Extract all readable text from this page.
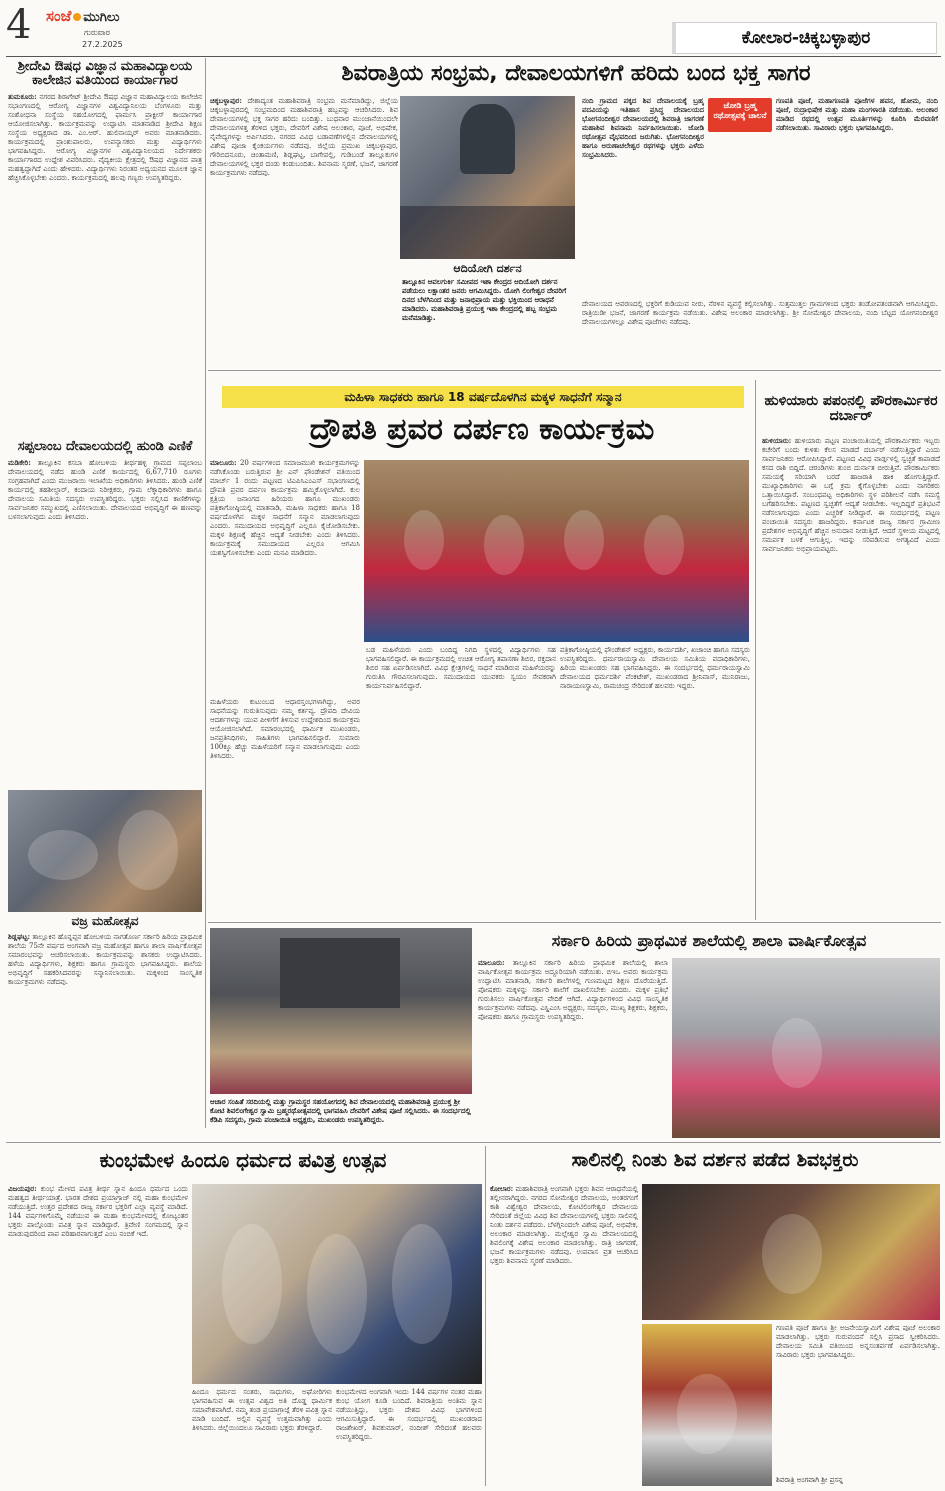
4 ಸಂಜೆ ಮುಗಿಲು
ಗುರುವಾರ
27.2.2025	ಕೋಲಾರ-ಚಿಕ್ಕಬಳ್ಳಾಪುರ
ಶ್ರೀದೇವಿ ಔಷಧ ವಿಜ್ಞಾನ ಮಹಾವಿದ್ಯಾಲಯ ಕಾಲೇಜಿನ ವತಿಯಿಂದ ಕಾರ್ಯಾಗಾರ
ತುಮಕೂರು: ನಗರದ ಶಿರಾಗೇಟ್ ಶ್ರೀದೇವಿ ಔಷಧ ವಿಜ್ಞಾನ ಮಹಾವಿದ್ಯಾಲಯ ಕಾಲೇಜಿನ ಸಭಾಂಗಣದಲ್ಲಿ ಆರೋಗ್ಯ ವಿಜ್ಞಾನಗಳ ವಿಶ್ವವಿದ್ಯಾನಿಲಯ ಬೆಂಗಳೂರು ಮತ್ತು ಸಂಶೋಧನಾ ಸಂಸ್ಥೆಯ ಸಹಯೋಗದಲ್ಲಿ ಫಾರ್ಮಸಿ ಪ್ರಾಕ್ಟೀಸ್ ಕಾರ್ಯಾಗಾರ ಆಯೋಜಿಸಲಾಗಿತ್ತು. ಕಾರ್ಯಕ್ರಮವನ್ನು ಉದ್ಘಾಟಿಸಿ ಮಾತನಾಡಿದ ಶ್ರೀದೇವಿ ಶಿಕ್ಷಣ ಸಂಸ್ಥೆಯ ಅಧ್ಯಕ್ಷರಾದ ಡಾ. ಎಂ.ಆರ್. ಹುಲಿನಾಯ್ಕರ್ ಅವರು ಮಾತನಾಡಿದರು. ಕಾರ್ಯಕ್ರಮದಲ್ಲಿ ಪ್ರಾಂಶುಪಾಲರು, ಉಪನ್ಯಾಸಕರು ಮತ್ತು ವಿದ್ಯಾರ್ಥಿಗಳು ಭಾಗವಹಿಸಿದ್ದರು. ಆರೋಗ್ಯ ವಿಜ್ಞಾನಗಳ ವಿಶ್ವವಿದ್ಯಾನಿಲಯದ ನಿರ್ದೇಶಕರು ಕಾರ್ಯಾಗಾರದ ಉದ್ದೇಶ ವಿವರಿಸಿದರು. ವೈದ್ಯಕೀಯ ಕ್ಷೇತ್ರದಲ್ಲಿ ಔಷಧ ವಿಜ್ಞಾನದ ಪಾತ್ರ ಮಹತ್ವದ್ದಾಗಿದೆ ಎಂದು ಹೇಳಿದರು. ವಿದ್ಯಾರ್ಥಿಗಳು ನಿರಂತರ ಅಧ್ಯಯನದ ಮೂಲಕ ಜ್ಞಾನ ಹೆಚ್ಚಿಸಿಕೊಳ್ಳಬೇಕು ಎಂದರು. ಕಾರ್ಯಕ್ರಮದಲ್ಲಿ ಹಲವು ಗಣ್ಯರು ಉಪಸ್ಥಿತರಿದ್ದರು.
ಸಪ್ಪಲಾಂಬ ದೇವಾಲಯದಲ್ಲಿ ಹುಂಡಿ ಎಣಿಕೆ
ಮಡಿಕೇರಿ: ತಾಲ್ಲೂಕಿನ ಕಸಬಾ ಹೋಬಳಿಯ ತೀರ್ಥಹಳ್ಳಿ ಗ್ರಾಮದ ಸಪ್ಪಲಾಂಬ ದೇವಾಲಯದಲ್ಲಿ ನಡೆದ ಹುಂಡಿ ಎಣಿಕೆ ಕಾರ್ಯದಲ್ಲಿ 6,67,710 ರೂಗಳು ಸಂಗ್ರಹವಾಗಿದೆ ಎಂದು ಮುಜರಾಯಿ ಇಲಾಖೆಯ ಅಧಿಕಾರಿಗಳು ತಿಳಿಸಿದರು. ಹುಂಡಿ ಎಣಿಕೆ ಕಾರ್ಯದಲ್ಲಿ ತಹಶೀಲ್ದಾರ್, ಕಂದಾಯ ನಿರೀಕ್ಷಕರು, ಗ್ರಾಮ ಲೆಕ್ಕಾಧಿಕಾರಿಗಳು ಹಾಗೂ ದೇವಾಲಯ ಸಮಿತಿಯ ಸದಸ್ಯರು ಉಪಸ್ಥಿತರಿದ್ದರು. ಭಕ್ತರು ಸಲ್ಲಿಸಿದ ಕಾಣಿಕೆಗಳನ್ನು ಸಾರ್ವಜನಿಕರ ಸಮ್ಮುಖದಲ್ಲಿ ಎಣಿಸಲಾಯಿತು. ದೇವಾಲಯದ ಅಭಿವೃದ್ಧಿಗೆ ಈ ಹಣವನ್ನು ಬಳಸಲಾಗುವುದು ಎಂದು ತಿಳಿಸಿದರು.
ವಜ್ರ ಮಹೋತ್ಸವ
ಶಿಡ್ಲಘಟ್ಟ: ತಾಲ್ಲೂಕಿನ ಹೊನ್ನಪ್ಪನ ಹೋಬಳಿಯ ನಾಗತೊರ್ಣ ಸರ್ಕಾರಿ ಹಿರಿಯ ಪ್ರಾಥಮಿಕ ಶಾಲೆಯ 75ನೇ ವರ್ಷದ ಅಂಗವಾಗಿ ವಜ್ರ ಮಹೋತ್ಸವ ಹಾಗೂ ಶಾಲಾ ವಾರ್ಷಿಕೋತ್ಸವ ಸಮಾರಂಭವನ್ನು ಆಚರಿಸಲಾಯಿತು. ಕಾರ್ಯಕ್ರಮವನ್ನು ಶಾಸಕರು ಉದ್ಘಾಟಿಸಿದರು. ಹಳೆಯ ವಿದ್ಯಾರ್ಥಿಗಳು, ಶಿಕ್ಷಕರು ಹಾಗೂ ಗ್ರಾಮಸ್ಥರು ಭಾಗವಹಿಸಿದ್ದರು. ಶಾಲೆಯ ಅಭಿವೃದ್ಧಿಗೆ ಸಹಕರಿಸಿದವರನ್ನು ಸನ್ಮಾನಿಸಲಾಯಿತು. ಮಕ್ಕಳಿಂದ ಸಾಂಸ್ಕೃತಿಕ ಕಾರ್ಯಕ್ರಮಗಳು ನಡೆದವು.
ಶಿವರಾತ್ರಿಯ ಸಂಭ್ರಮ, ದೇವಾಲಯಗಳಿಗೆ ಹರಿದು ಬಂದ ಭಕ್ತ ಸಾಗರ
ಚಿಕ್ಕಬಳ್ಳಾಪುರ: ದೇಶಾದ್ಯಂತ ಮಹಾಶಿವರಾತ್ರಿ ಸಂಭ್ರಮ ಮನೆಮಾಡಿದ್ದು, ಜಿಲ್ಲೆಯ ಚಿಕ್ಕಬಳ್ಳಾಪುರದಲ್ಲಿ ಸಂಭ್ರಮದಿಂದ ಮಹಾಶಿವರಾತ್ರಿ ಹಬ್ಬವನ್ನು ಆಚರಿಸಿದರು. ಶಿವ ದೇವಾಲಯಗಳಲ್ಲಿ ಭಕ್ತ ಸಾಗರ ಹರಿದು ಬಂದಿತ್ತು. ಬುಧವಾರ ಮುಂಜಾನೆಯಿಂದಲೇ ದೇವಾಲಯಗಳತ್ತ ತೆರಳಿದ ಭಕ್ತರು, ದೇವರಿಗೆ ವಿಶೇಷ ಅಲಂಕಾರ, ಪೂಜೆ, ಅಭಿಷೇಕ, ನೈವೇದ್ಯಗಳನ್ನು ಅರ್ಪಿಸಿದರು. ನಗರದ ವಿವಿಧ ಬಡಾವಣೆಗಳಲ್ಲಿನ ದೇವಾಲಯಗಳಲ್ಲಿ ವಿಶೇಷ ಪೂಜಾ ಕೈಂಕರ್ಯಗಳು ನಡೆದವು. ಜಿಲ್ಲೆಯ ಪ್ರಮುಖ ಚಿಕ್ಕಬಳ್ಳಾಪುರ, ಗೌರಿಬಿದನೂರು, ಚಿಂತಾಮಣಿ, ಶಿಡ್ಲಘಟ್ಟ, ಬಾಗೇಪಲ್ಲಿ, ಗುಡಿಬಂಡೆ ತಾಲ್ಲೂಕುಗಳ ದೇವಾಲಯಗಳಲ್ಲಿ ಭಕ್ತರ ದಂಡು ಕಂಡುಬಂದಿತು. ಶಿವನಾಮ ಸ್ಮರಣೆ, ಭಜನೆ, ಜಾಗರಣೆ ಕಾರ್ಯಕ್ರಮಗಳು ನಡೆದವು.
ಆದಿಯೋಗಿ ದರ್ಶನ
ತಾಲ್ಲೂಕಿನ ಆವಲಗುರ್ಕಿ ಸಮೀಪದ ಇಶಾ ಕೇಂದ್ರದ ಆದಿಯೋಗಿ ದರ್ಶನ ಪಡೆಯಲು ಲಕ್ಷಾಂತರ ಜನರು ಆಗಮಿಸಿದ್ದರು. ಯೋಗಿ ಲಿಂಗೇಶ್ವರ ದೇವರಿಗೆ ದಿನದ ಬೆಳಗಿನಿಂದ ಮತ್ತು ಜನಾಭಿಪ್ರಾಯ ಮತ್ತು ಭಕ್ತಿಯಿಂದ ಆರಾಧನೆ ಮಾಡಿದರು. ಮಹಾಶಿವರಾತ್ರಿ ಪ್ರಯುಕ್ತ ಇಶಾ ಕೇಂದ್ರದಲ್ಲಿ ಹಬ್ಬ ಸಂಭ್ರಮ ಮನೆಮಾಡಿತ್ತು.
ನಂದಿ ಗ್ರಾಮದ ಪಕ್ಕದ ಶಿವ ದೇವಾಲಯಕ್ಕೆ ಬ್ರಹ್ಮ ಪದವಿಯನ್ನು ಇತಿಹಾಸ ಪ್ರಸಿದ್ಧ ದೇವಾಲಯದ ಭೋಗನಂದೀಶ್ವರ ದೇವಾಲಯದಲ್ಲಿ ಶಿವರಾತ್ರಿ ಜಾಗರಣೆ ಮಹಾಶಿವ ಶಿವನಾಮ ನಿರ್ವಹಿಸಲಾಯಿತು. ಜೋಡಿ ರಥೋತ್ಸವ ವೈಭವದಿಂದ ಜರುಗಿತು. ಭೋಗನಂದೀಶ್ವರ ಹಾಗೂ ಅರುಣಾಚಲೇಶ್ವರ ರಥಗಳನ್ನು ಭಕ್ತರು ಎಳೆದು ಸಂಭ್ರಮಿಸಿದರು.
ಜೋಡಿ ಬ್ರಹ್ಮ ರಥೋತ್ಸವಕ್ಕೆ ಚಾಲನೆ
ಗಣಪತಿ ಪೂಜೆ, ಮಹಾಗಣಪತಿ ಪೂಜೆಗಳ ಹವನ, ಹೋಮ, ನಂದಿ ಪೂಜೆ, ರುದ್ರಾಭಿಷೇಕ ಮತ್ತು ಮಹಾ ಮಂಗಳಾರತಿ ನಡೆಯಿತು. ಅಲಂಕಾರ ಮಾಡಿದ ರಥದಲ್ಲಿ ಉತ್ಸವ ಮೂರ್ತಿಗಳನ್ನು ಕೂರಿಸಿ ಮೆರವಣಿಗೆ ನಡೆಸಲಾಯಿತು. ಸಾವಿರಾರು ಭಕ್ತರು ಭಾಗವಹಿಸಿದ್ದರು.
ದೇವಾಲಯದ ಆವರಣದಲ್ಲಿ ಭಕ್ತರಿಗೆ ಕುಡಿಯುವ ನೀರು, ನೆರಳಿನ ವ್ಯವಸ್ಥೆ ಕಲ್ಪಿಸಲಾಗಿತ್ತು. ಸುತ್ತಮುತ್ತಲ ಗ್ರಾಮಗಳಿಂದ ಭಕ್ತರು ತಂಡೋಪತಂಡವಾಗಿ ಆಗಮಿಸಿದ್ದರು. ರಾತ್ರಿಯಿಡೀ ಭಜನೆ, ಜಾಗರಣೆ ಕಾರ್ಯಕ್ರಮ ನಡೆಯಿತು. ವಿಶೇಷ ಅಲಂಕಾರ ಮಾಡಲಾಗಿತ್ತು. ಶ್ರೀ ಸೋಮೇಶ್ವರ ದೇವಾಲಯ, ನಂದಿ ಬೆಟ್ಟದ ಯೋಗನಂದೀಶ್ವರ ದೇವಾಲಯಗಳಲ್ಲೂ ವಿಶೇಷ ಪೂಜೆಗಳು ನಡೆದವು.
ಮಹಿಳಾ ಸಾಧಕರು ಹಾಗೂ 18 ವರ್ಷದೊಳಗಿನ ಮಕ್ಕಳ ಸಾಧನೆಗೆ ಸನ್ಮಾನ
ದ್ರೌಪತಿ ಪ್ರವರ ದರ್ಪಣ ಕಾರ್ಯಕ್ರಮ
ಮಾಲೂರು: 20 ವರ್ಷಗಳಿಂದ ಸಮಾಜಮುಖಿ ಕಾರ್ಯಕ್ರಮಗಳನ್ನು ನಡೆಸಿಕೊಂಡು ಬರುತ್ತಿರುವ ಶ್ರೀ ಎನ್ ಫೌಂಡೇಶನ್ ವತಿಯಿಂದ ಮಾರ್ಚ್ 1 ರಂದು ಪಟ್ಟಣದ ಟಿಎಪಿಸಿಎಂಎಸ್ ಸಭಾಂಗಣದಲ್ಲಿ ದ್ರೌಪತಿ ಪ್ರವರ ದರ್ಪಣ ಕಾರ್ಯಕ್ರಮ ಹಮ್ಮಿಕೊಳ್ಳಲಾಗಿದೆ. ಕುಲ ಕ್ಷತ್ರಿಯ ಜನಾಂಗದ ಹಿರಿಯರು ಹಾಗೂ ಮುಖಂಡರು ಪತ್ರಿಕಾಗೋಷ್ಠಿಯಲ್ಲಿ ಮಾತನಾಡಿ, ಮಹಿಳಾ ಸಾಧಕರು ಹಾಗೂ 18 ವರ್ಷದೊಳಗಿನ ಮಕ್ಕಳ ಸಾಧನೆಗೆ ಸನ್ಮಾನ ಮಾಡಲಾಗುವುದು ಎಂದರು. ಸಮುದಾಯದ ಅಭಿವೃದ್ಧಿಗೆ ಎಲ್ಲರೂ ಕೈಜೋಡಿಸಬೇಕು. ಮಕ್ಕಳ ಶಿಕ್ಷಣಕ್ಕೆ ಹೆಚ್ಚಿನ ಆದ್ಯತೆ ನೀಡಬೇಕು ಎಂದು ತಿಳಿಸಿದರು. ಕಾರ್ಯಕ್ರಮಕ್ಕೆ ಸಮುದಾಯದ ಎಲ್ಲರೂ ಆಗಮಿಸಿ ಯಶಸ್ವಿಗೊಳಿಸಬೇಕು ಎಂದು ಮನವಿ ಮಾಡಿದರು.
ಮಹಿಳೆಯರು ಕುಟುಂಬದ ಆಧಾರಸ್ತಂಭಗಳಾಗಿದ್ದು, ಅವರ ಸಾಧನೆಯನ್ನು ಗುರುತಿಸುವುದು ನಮ್ಮ ಕರ್ತವ್ಯ. ದ್ರೌಪದಿ ದೇವಿಯ ಆದರ್ಶಗಳನ್ನು ಯುವ ಪೀಳಿಗೆಗೆ ತಿಳಿಸುವ ಉದ್ದೇಶದಿಂದ ಕಾರ್ಯಕ್ರಮ ಆಯೋಜಿಸಲಾಗಿದೆ. ಸಮಾರಂಭದಲ್ಲಿ ಧಾರ್ಮಿಕ ಮುಖಂಡರು, ಜನಪ್ರತಿನಿಧಿಗಳು, ಸಾಹಿತಿಗಳು ಭಾಗವಹಿಸಲಿದ್ದಾರೆ. ಸುಮಾರು 100ಕ್ಕೂ ಹೆಚ್ಚು ಮಹಿಳೆಯರಿಗೆ ಸನ್ಮಾನ ಮಾಡಲಾಗುವುದು ಎಂದು ತಿಳಿಸಿದರು.
ಬಡ ಮಹಿಳೆಯರು ಎಂದು ಬಂದಿದ್ದ ನಿಗದಿ ಸ್ಥಳದಲ್ಲಿ ವಿದ್ಯಾರ್ಥಿಗಳು ಸಹ ಭಾಗವಹಿಸಲಿದ್ದಾರೆ. ಈ ಕಾರ್ಯಕ್ರಮದಲ್ಲಿ ಉಚಿತ ಆರೋಗ್ಯ ತಪಾಸಣಾ ಶಿಬಿರ, ರಕ್ತದಾನ ಶಿಬಿರ ಸಹ ಏರ್ಪಡಿಸಲಾಗಿದೆ. ವಿವಿಧ ಕ್ಷೇತ್ರಗಳಲ್ಲಿ ಸಾಧನೆ ಮಾಡಿರುವ ಮಹಿಳೆಯರನ್ನು ಗುರುತಿಸಿ ಗೌರವಿಸಲಾಗುವುದು. ಸಮುದಾಯದ ಯುವಕರು ಸ್ವಯಂ ಸೇವಕರಾಗಿ ಕಾರ್ಯನಿರ್ವಹಿಸಲಿದ್ದಾರೆ.
ಪತ್ರಿಕಾಗೋಷ್ಠಿಯಲ್ಲಿ ಫೌಂಡೇಶನ್ ಅಧ್ಯಕ್ಷರು, ಕಾರ್ಯದರ್ಶಿ, ಖಜಾಂಚಿ ಹಾಗೂ ಸದಸ್ಯರು ಉಪಸ್ಥಿತರಿದ್ದರು. ಧರ್ಮರಾಯಸ್ವಾಮಿ ದೇವಾಲಯ ಸಮಿತಿಯ ಪದಾಧಿಕಾರಿಗಳು, ಹಿರಿಯ ಮುಖಂಡರು ಸಹ ಭಾಗವಹಿಸಿದ್ದರು. ಈ ಸಂದರ್ಭದಲ್ಲಿ ಧರ್ಮರಾಯಸ್ವಾಮಿ ದೇವಾಲಯದ ಧರ್ಮದರ್ಶಿ ವೆಂಕಟೇಶ್, ಮುಖಂಡರಾದ ಶ್ರೀನಿವಾಸ್, ಮುನಿರಾಜು, ನಾರಾಯಣಸ್ವಾಮಿ, ರಾಮಚಂದ್ರ ಸೇರಿದಂತೆ ಹಲವರು ಇದ್ದರು.
ಹುಳಿಯಾರು ಪಪಂನಲ್ಲಿ ಪೌರಕಾರ್ಮಿಕರ ದರ್ಬಾರ್
ಹುಳಿಯಾರು: ಹುಳಿಯಾರು ಪಟ್ಟಣ ಪಂಚಾಯಿತಿಯಲ್ಲಿ ಪೌರಕಾರ್ಮಿಕರು ಇಬ್ಬರು ಕಚೇರಿಗೆ ಬಂದು ಕುಳಿತು ಕೆಲಸ ಮಾಡದೆ ದರ್ಬಾರ್ ನಡೆಸುತ್ತಿದ್ದಾರೆ ಎಂದು ಸಾರ್ವಜನಿಕರು ಆರೋಪಿಸಿದ್ದಾರೆ. ಪಟ್ಟಣದ ವಿವಿಧ ವಾರ್ಡ್ಗಳಲ್ಲಿ ಸ್ವಚ್ಛತೆ ಕಾಪಾಡದೆ ಕಸದ ರಾಶಿ ಬಿದ್ದಿದೆ. ಚರಂಡಿಗಳು ತುಂಬಿ ದುರ್ನಾತ ಬೀರುತ್ತಿವೆ. ಪೌರಕಾರ್ಮಿಕರು ಸಮಯಕ್ಕೆ ಸರಿಯಾಗಿ ಬರದೆ ಹಾಜರಾತಿ ಹಾಕಿ ಹೋಗುತ್ತಿದ್ದಾರೆ. ಮುಖ್ಯಾಧಿಕಾರಿಗಳು ಈ ಬಗ್ಗೆ ಕ್ರಮ ಕೈಗೊಳ್ಳಬೇಕು ಎಂದು ನಾಗರಿಕರು ಒತ್ತಾಯಿಸಿದ್ದಾರೆ. ಸಂಬಂಧಪಟ್ಟ ಅಧಿಕಾರಿಗಳು ಸ್ಥಳ ಪರಿಶೀಲನೆ ನಡೆಸಿ ಸಮಸ್ಯೆ ಬಗೆಹರಿಸಬೇಕು. ಪಟ್ಟಣದ ಸ್ವಚ್ಛತೆಗೆ ಆದ್ಯತೆ ನೀಡಬೇಕು. ಇಲ್ಲದಿದ್ದರೆ ಪ್ರತಿಭಟನೆ ನಡೆಸಲಾಗುವುದು ಎಂದು ಎಚ್ಚರಿಕೆ ನೀಡಿದ್ದಾರೆ. ಈ ಸಂದರ್ಭದಲ್ಲಿ ಪಟ್ಟಣ ಪಂಚಾಯಿತಿ ಸದಸ್ಯರು ಹಾಜರಿದ್ದರು. ಕರ್ನಾಟಕ ರಾಜ್ಯ ಸರ್ಕಾರ ಗ್ರಾಮೀಣ ಪ್ರದೇಶಗಳ ಅಭಿವೃದ್ಧಿಗೆ ಹೆಚ್ಚಿನ ಅನುದಾನ ನೀಡುತ್ತಿದೆ. ಆದರೆ ಸ್ಥಳೀಯ ಮಟ್ಟದಲ್ಲಿ ಸಮರ್ಪಕ ಬಳಕೆ ಆಗುತ್ತಿಲ್ಲ. ಇದನ್ನು ಸರಿಪಡಿಸುವ ಅಗತ್ಯವಿದೆ ಎಂದು ಸಾರ್ವಜನಿಕರು ಅಭಿಪ್ರಾಯಪಟ್ಟರು.
ಆಚಾರ ಸಂಹಿತೆ ಸರದಿಯಲ್ಲಿ ಮತ್ತು ಗ್ರಾಮಸ್ಥರ ಸಹಯೋಗದಲ್ಲಿ ಶಿವ ದೇವಾಲಯದಲ್ಲಿ ಮಹಾಶಿವರಾತ್ರಿ ಪ್ರಯುಕ್ತ ಶ್ರೀ ಕೋಟಿ ಶಿವಲಿಂಗೇಶ್ವರ ಸ್ವಾಮಿ ಬ್ರಹ್ಮರಥೋತ್ಸವದಲ್ಲಿ ಭಾಗವಹಿಸಿ ದೇವರಿಗೆ ವಿಶೇಷ ಪೂಜೆ ಸಲ್ಲಿಸಿದರು. ಈ ಸಂದರ್ಭದಲ್ಲಿ ಕೆಡಿಪಿ ಸದಸ್ಯರು, ಗ್ರಾಮ ಪಂಚಾಯಿತಿ ಅಧ್ಯಕ್ಷರು, ಮುಖಂಡರು ಉಪಸ್ಥಿತರಿದ್ದರು.
ಸರ್ಕಾರಿ ಹಿರಿಯ ಪ್ರಾಥಮಿಕ ಶಾಲೆಯಲ್ಲಿ ಶಾಲಾ ವಾರ್ಷಿಕೋತ್ಸವ
ಮಾಲೂರು: ತಾಲ್ಲೂಕಿನ ಸರ್ಕಾರಿ ಹಿರಿಯ ಪ್ರಾಥಮಿಕ ಶಾಲೆಯಲ್ಲಿ ಶಾಲಾ ವಾರ್ಷಿಕೋತ್ಸವ ಕಾರ್ಯಕ್ರಮ ಅದ್ದೂರಿಯಾಗಿ ನಡೆಯಿತು. ಬಿಇಒ ಅವರು ಕಾರ್ಯಕ್ರಮ ಉದ್ಘಾಟಿಸಿ ಮಾತನಾಡಿ, ಸರ್ಕಾರಿ ಶಾಲೆಗಳಲ್ಲಿ ಗುಣಮಟ್ಟದ ಶಿಕ್ಷಣ ದೊರೆಯುತ್ತಿದೆ. ಪೋಷಕರು ಮಕ್ಕಳನ್ನು ಸರ್ಕಾರಿ ಶಾಲೆಗೆ ದಾಖಲಿಸಬೇಕು ಎಂದರು. ಮಕ್ಕಳ ಪ್ರತಿಭೆ ಗುರುತಿಸಲು ವಾರ್ಷಿಕೋತ್ಸವ ವೇದಿಕೆ ಆಗಿದೆ. ವಿದ್ಯಾರ್ಥಿಗಳಿಂದ ವಿವಿಧ ಸಾಂಸ್ಕೃತಿಕ ಕಾರ್ಯಕ್ರಮಗಳು ನಡೆದವು. ಎಸ್ಡಿಎಂಸಿ ಅಧ್ಯಕ್ಷರು, ಸದಸ್ಯರು, ಮುಖ್ಯ ಶಿಕ್ಷಕರು, ಶಿಕ್ಷಕರು, ಪೋಷಕರು ಹಾಗೂ ಗ್ರಾಮಸ್ಥರು ಉಪಸ್ಥಿತರಿದ್ದರು.
ಕುಂಭಮೇಳ ಹಿಂದೂ ಧರ್ಮದ ಪವಿತ್ರ ಉತ್ಸವ
ವಿಜಯಪುರ: ಕುಂಭ ಮೇಳದ ಪವಿತ್ರ ತೀರ್ಥ ಸ್ನಾನ ಹಿಂದೂ ಧರ್ಮದ ಒಂದು ಮಹತ್ವದ ತೀರ್ಥಯಾತ್ರೆ. ಭಾರತ ದೇಶದ ಪ್ರಯಾಗ್ರಾಜ್ ನಲ್ಲಿ ಮಹಾ ಕುಂಭಮೇಳ ನಡೆಯುತ್ತಿದೆ. ಉತ್ತರ ಪ್ರದೇಶದ ರಾಜ್ಯ ಸರ್ಕಾರ ಭಕ್ತರಿಗೆ ಎಲ್ಲಾ ವ್ಯವಸ್ಥೆ ಮಾಡಿದೆ. 144 ವರ್ಷಗಳಿಗೊಮ್ಮೆ ನಡೆಯುವ ಈ ಮಹಾ ಕುಂಭಮೇಳದಲ್ಲಿ ಕೋಟ್ಯಂತರ ಭಕ್ತರು ಪಾಲ್ಗೊಂಡು ಪವಿತ್ರ ಸ್ನಾನ ಮಾಡಿದ್ದಾರೆ. ತ್ರಿವೇಣಿ ಸಂಗಮದಲ್ಲಿ ಸ್ನಾನ ಮಾಡುವುದರಿಂದ ಪಾಪ ಪರಿಹಾರವಾಗುತ್ತದೆ ಎಂಬ ನಂಬಿಕೆ ಇದೆ.
ಹಿಂದೂ ಧರ್ಮದ ಸಂತರು, ಸಾಧುಗಳು, ಅಘೋರಿಗಳು ಭಾಗವಹಿಸುವ ಈ ಉತ್ಸವ ವಿಶ್ವದ ಅತಿ ದೊಡ್ಡ ಧಾರ್ಮಿಕ ಸಮಾವೇಶವಾಗಿದೆ. ನಮ್ಮ ತಂಡ ಪ್ರಯಾಗ್ರಾಜ್ಗೆ ತೆರಳಿ ಪವಿತ್ರ ಸ್ನಾನ ಮಾಡಿ ಬಂದಿದೆ. ಅಲ್ಲಿನ ವ್ಯವಸ್ಥೆ ಉತ್ತಮವಾಗಿತ್ತು ಎಂದು ತಿಳಿಸಿದರು. ಜಿಲ್ಲೆಯಿಂದಲೂ ಸಾವಿರಾರು ಭಕ್ತರು ತೆರಳಿದ್ದಾರೆ.
ಕುಂಭಮೇಳದ ಅಂಗವಾಗಿ ಇಂದು 144 ವರ್ಷಗಳ ನಂತರ ಮಹಾ ಕುಂಭ ಯೋಗ ಕೂಡಿ ಬಂದಿದೆ. ಶಿವರಾತ್ರಿಯ ಅಂತಿಮ ಸ್ನಾನ ನಡೆಯುತ್ತಿದ್ದು, ಭಕ್ತರು ದೇಶದ ವಿವಿಧ ಭಾಗಗಳಿಂದ ಆಗಮಿಸುತ್ತಿದ್ದಾರೆ. ಈ ಸಂದರ್ಭದಲ್ಲಿ ಮುಖಂಡರಾದ ರಾಜಶೇಖರ್, ಶಿವಕುಮಾರ್, ನಂದೀಶ್ ಸೇರಿದಂತೆ ಹಲವರು ಉಪಸ್ಥಿತರಿದ್ದರು.
ಸಾಲಿನಲ್ಲಿ ನಿಂತು ಶಿವ ದರ್ಶನ ಪಡೆದ ಶಿವಭಕ್ತರು
ಕೋಲಾರ: ಮಹಾಶಿವರಾತ್ರಿ ಅಂಗವಾಗಿ ಭಕ್ತರು ಶಿವನ ಆರಾಧನೆಯಲ್ಲಿ ತಲ್ಲೀನರಾಗಿದ್ದರು. ನಗರದ ಸೋಮೇಶ್ವರ ದೇವಾಲಯ, ಅಂತರಗಂಗೆ ಕಾಶಿ ವಿಶ್ವೇಶ್ವರ ದೇವಾಲಯ, ಕೋಟಿಲಿಂಗೇಶ್ವರ ದೇವಾಲಯ ಸೇರಿದಂತೆ ಜಿಲ್ಲೆಯ ವಿವಿಧ ಶಿವ ದೇವಾಲಯಗಳಲ್ಲಿ ಭಕ್ತರು ಸಾಲಿನಲ್ಲಿ ನಿಂತು ದರ್ಶನ ಪಡೆದರು. ಬೆಳಗ್ಗಿನಿಂದಲೇ ವಿಶೇಷ ಪೂಜೆ, ಅಭಿಷೇಕ, ಅಲಂಕಾರ ಮಾಡಲಾಗಿತ್ತು. ಮಲ್ಲೇಶ್ವರ ಸ್ವಾಮಿ ದೇವಾಲಯದಲ್ಲಿ ಶಿವಲಿಂಗಕ್ಕೆ ವಿಶೇಷ ಅಲಂಕಾರ ಮಾಡಲಾಗಿತ್ತು. ರಾತ್ರಿ ಜಾಗರಣೆ, ಭಜನೆ ಕಾರ್ಯಕ್ರಮಗಳು ನಡೆದವು. ಉಪವಾಸ ವ್ರತ ಆಚರಿಸಿದ ಭಕ್ತರು ಶಿವನಾಮ ಸ್ಮರಣೆ ಮಾಡಿದರು.
ಗಣಪತಿ ಪೂಜೆ ಹಾಗೂ ಶ್ರೀ ಅಜನೇಯಸ್ವಾಮಿಗೆ ವಿಶೇಷ ಪೂಜೆ ಅಲಂಕಾರ ಮಾಡಲಾಗಿತ್ತು. ಭಕ್ತರು ಗುರುವಂದನೆ ಸಲ್ಲಿಸಿ ಪ್ರಸಾದ ಸ್ವೀಕರಿಸಿದರು. ದೇವಾಲಯ ಸಮಿತಿ ವತಿಯಿಂದ ಅನ್ನಸಂತರ್ಪಣೆ ಏರ್ಪಡಿಸಲಾಗಿತ್ತು. ಸಾವಿರಾರು ಭಕ್ತರು ಭಾಗವಹಿಸಿದ್ದರು.
ಶಿವರಾತ್ರಿ ಅಂಗವಾಗಿ ಶ್ರೀ ಪ್ರಸನ್ನ
